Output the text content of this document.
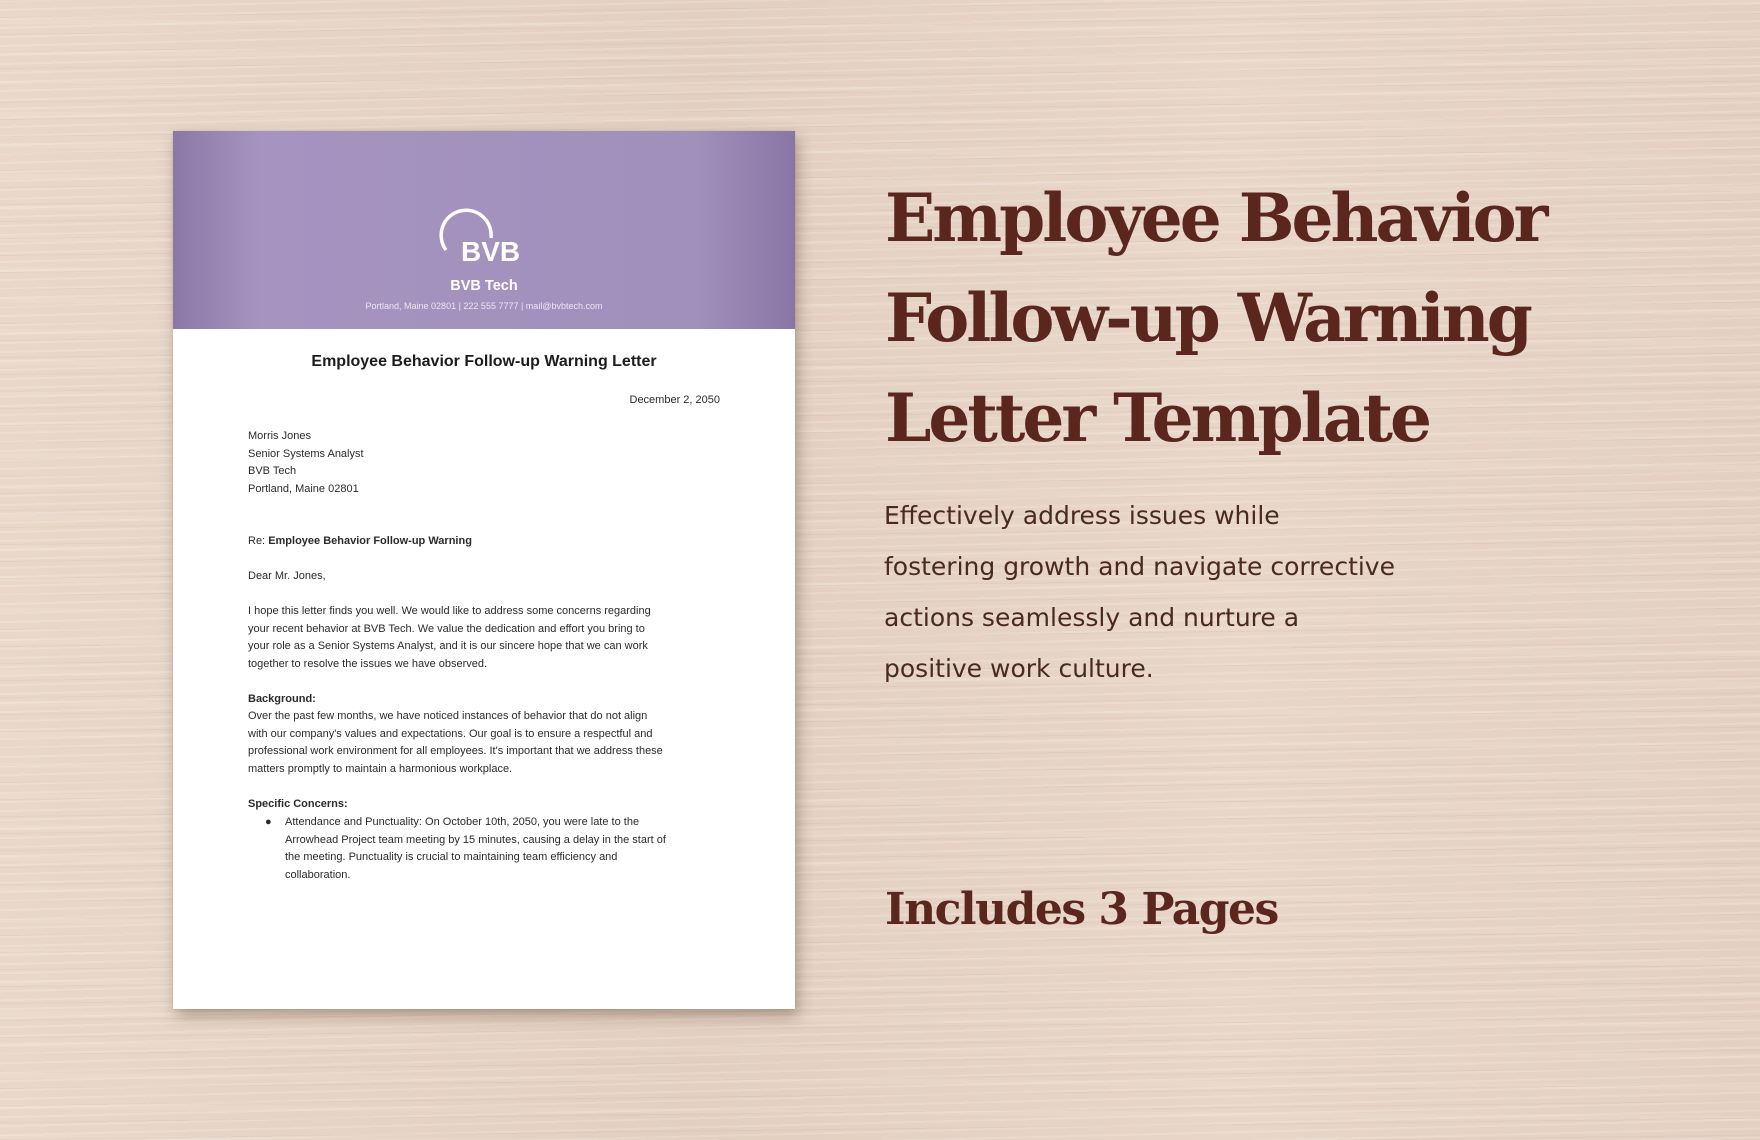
BVB
BVB Tech
Portland, Maine 02801 | 222 555 7777 | mail@bvbtech.com
Employee Behavior Follow-up Warning Letter
December 2, 2050
Morris Jones
Senior Systems Analyst
BVB Tech
Portland, Maine 02801
Re: Employee Behavior Follow-up Warning
Dear Mr. Jones,
I hope this letter finds you well. We would like to address some concerns regarding
your recent behavior at BVB Tech. We value the dedication and effort you bring to
your role as a Senior Systems Analyst, and it is our sincere hope that we can work
together to resolve the issues we have observed.
Background:
Over the past few months, we have noticed instances of behavior that do not align
with our company's values and expectations. Our goal is to ensure a respectful and
professional work environment for all employees. It's important that we address these
matters promptly to maintain a harmonious workplace.
Specific Concerns:
● Attendance and Punctuality: On October 10th, 2050, you were late to the
Arrowhead Project team meeting by 15 minutes, causing a delay in the start of
the meeting. Punctuality is crucial to maintaining team efficiency and
collaboration.
Employee Behavior
Follow-up Warning
Letter Template
Effectively address issues while
fostering growth and navigate corrective
actions seamlessly and nurture a
positive work culture.
Includes 3 Pages
